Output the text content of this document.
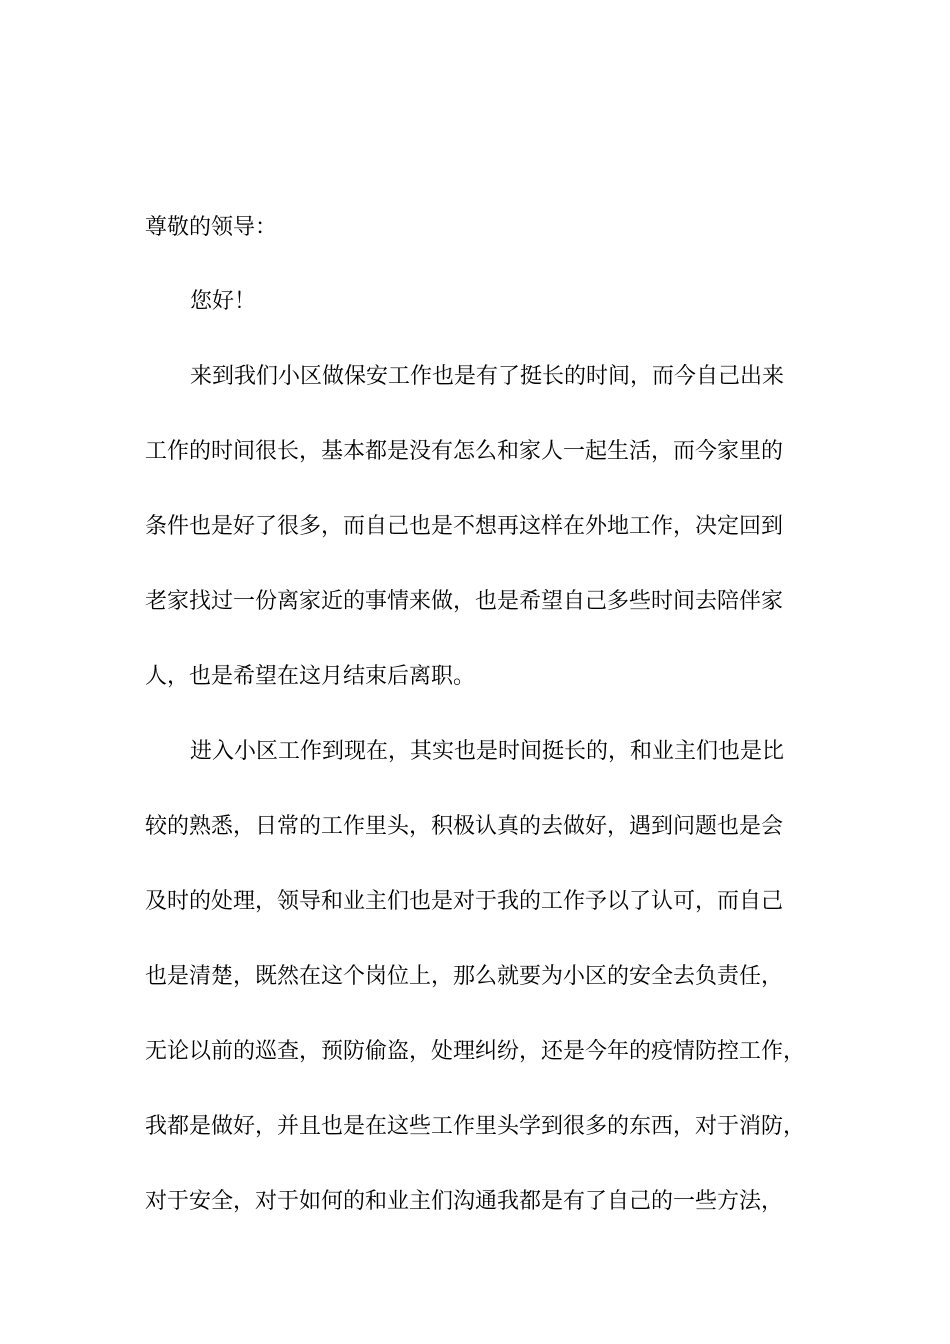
尊敬的领导：
您好！
来到我们小区做保安工作也是有了挺长的时间，而今自己出来
工作的时间很长，基本都是没有怎么和家人一起生活，而今家里的
条件也是好了很多，而自己也是不想再这样在外地工作，决定回到
老家找过一份离家近的事情来做，也是希望自己多些时间去陪伴家
人，也是希望在这月结束后离职。
进入小区工作到现在，其实也是时间挺长的，和业主们也是比
较的熟悉，日常的工作里头，积极认真的去做好，遇到问题也是会
及时的处理，领导和业主们也是对于我的工作予以了认可，而自己
也是清楚，既然在这个岗位上，那么就要为小区的安全去负责任，
无论以前的巡查，预防偷盗，处理纠纷，还是今年的疫情防控工作，
我都是做好，并且也是在这些工作里头学到很多的东西，对于消防，
对于安全，对于如何的和业主们沟通我都是有了自己的一些方法，
